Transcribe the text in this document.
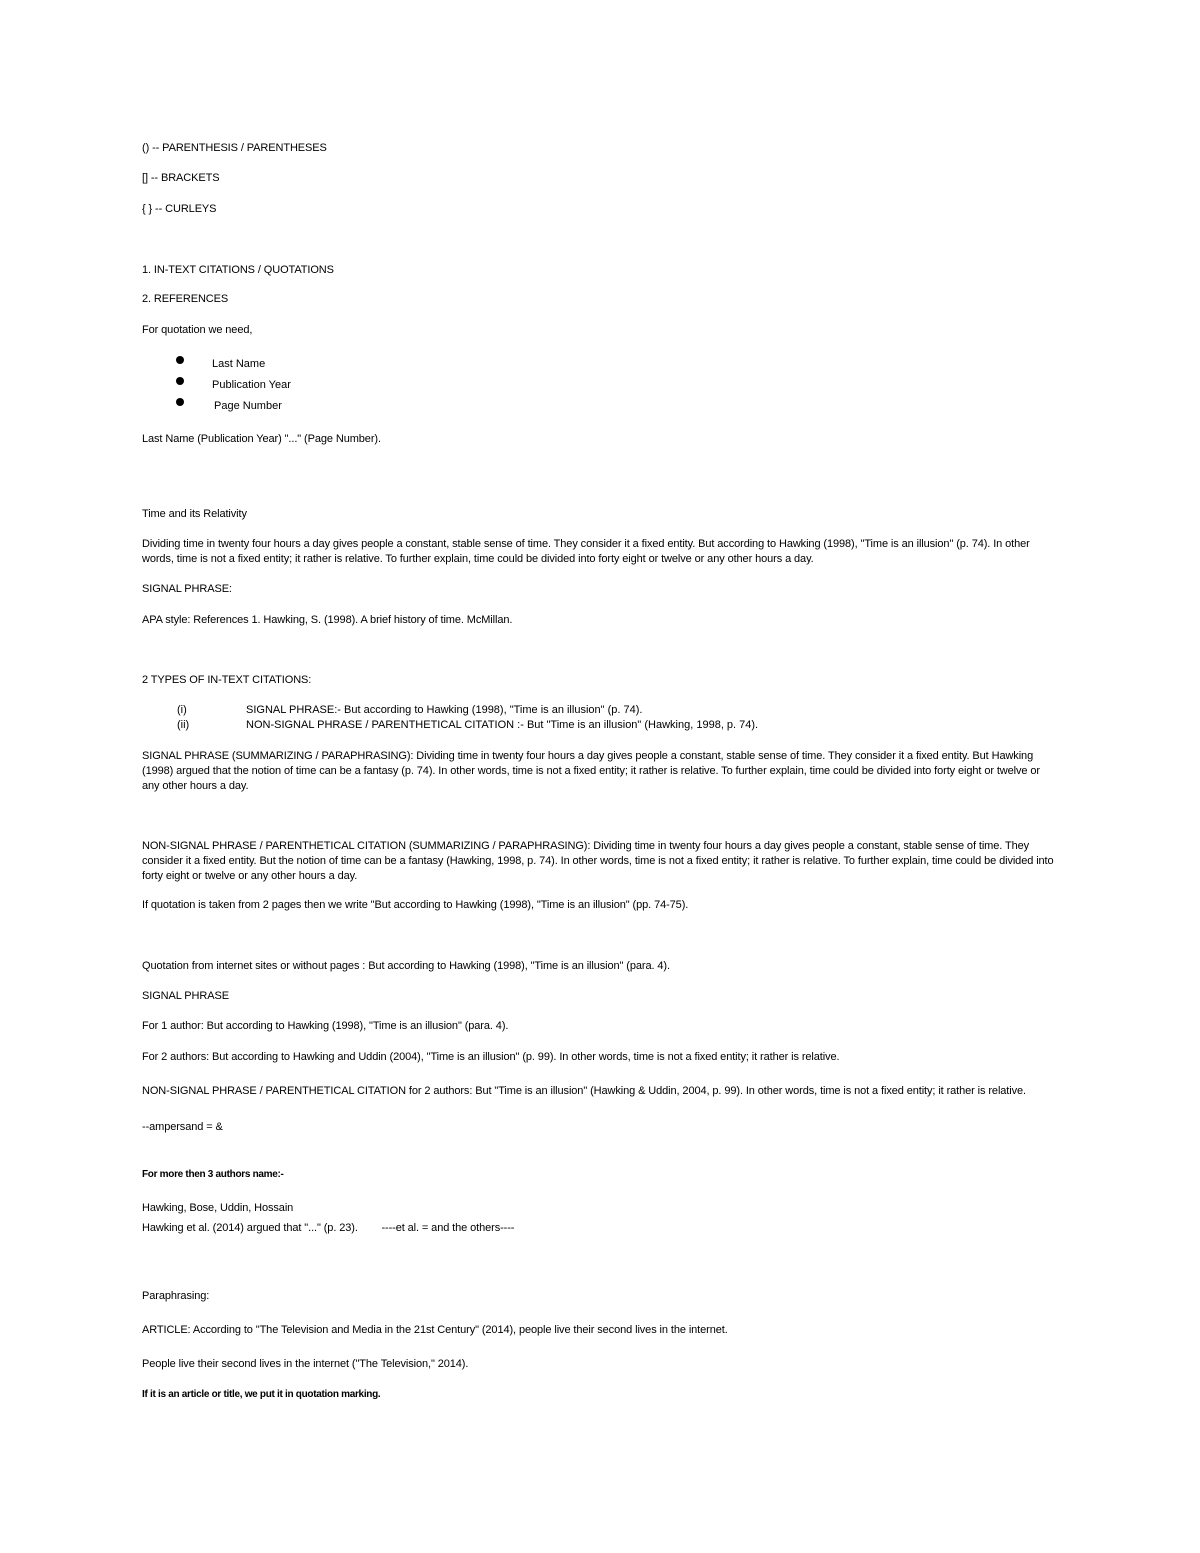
() -- PARENTHESIS / PARENTHESES
[] -- BRACKETS
{ } -- CURLEYS
1. IN-TEXT CITATIONS / QUOTATIONS
2. REFERENCES
For quotation we need,
Last Name
Publication Year
Page Number
Last Name (Publication Year) "..." (Page Number).
Time and its Relativity
Dividing time in twenty four hours a day gives people a constant, stable sense of time. They consider it a fixed entity. But according to Hawking (1998), "Time is an illusion" (p. 74). In other words, time is not a fixed entity; it rather is relative. To further explain, time could be divided into forty eight or twelve or any other hours a day.
SIGNAL PHRASE:
APA style: References 1. Hawking, S. (1998). A brief history of time. McMillan.
2 TYPES OF IN-TEXT CITATIONS:
(i)	SIGNAL PHRASE:- But according to Hawking (1998), "Time is an illusion" (p. 74).
(ii)	NON-SIGNAL PHRASE / PARENTHETICAL CITATION :- But "Time is an illusion" (Hawking, 1998, p. 74).
SIGNAL PHRASE (SUMMARIZING / PARAPHRASING): Dividing time in twenty four hours a day gives people a constant, stable sense of time. They consider it a fixed entity. But Hawking (1998) argued that the notion of time can be a fantasy (p. 74). In other words, time is not a fixed entity; it rather is relative. To further explain, time could be divided into forty eight or twelve or any other hours a day.
NON-SIGNAL PHRASE / PARENTHETICAL CITATION (SUMMARIZING / PARAPHRASING): Dividing time in twenty four hours a day gives people a constant, stable sense of time. They consider it a fixed entity. But the notion of time can be a fantasy (Hawking, 1998, p. 74). In other words, time is not a fixed entity; it rather is relative. To further explain, time could be divided into forty eight or twelve or any other hours a day.
If quotation is taken from 2 pages then we write "But according to Hawking (1998), "Time is an illusion" (pp. 74-75).
Quotation from internet sites or without pages : But according to Hawking (1998), "Time is an illusion" (para. 4).
SIGNAL PHRASE
For 1 author: But according to Hawking (1998), "Time is an illusion" (para. 4).
For 2 authors: But according to Hawking and Uddin (2004), "Time is an illusion" (p. 99). In other words, time is not a fixed entity; it rather is relative.
NON-SIGNAL PHRASE / PARENTHETICAL CITATION for 2 authors: But "Time is an illusion" (Hawking & Uddin, 2004, p. 99). In other words, time is not a fixed entity; it rather is relative.
--ampersand = &
For more then 3 authors name:-
Hawking, Bose, Uddin, Hossain
Hawking et al. (2014) argued that "..." (p. 23).        ----et al. = and the others----
Paraphrasing:
ARTICLE: According to "The Television and Media in the 21st Century" (2014), people live their second lives in the internet.
People live their second lives in the internet ("The Television," 2014).
If it is an article or title, we put it in quotation marking.
